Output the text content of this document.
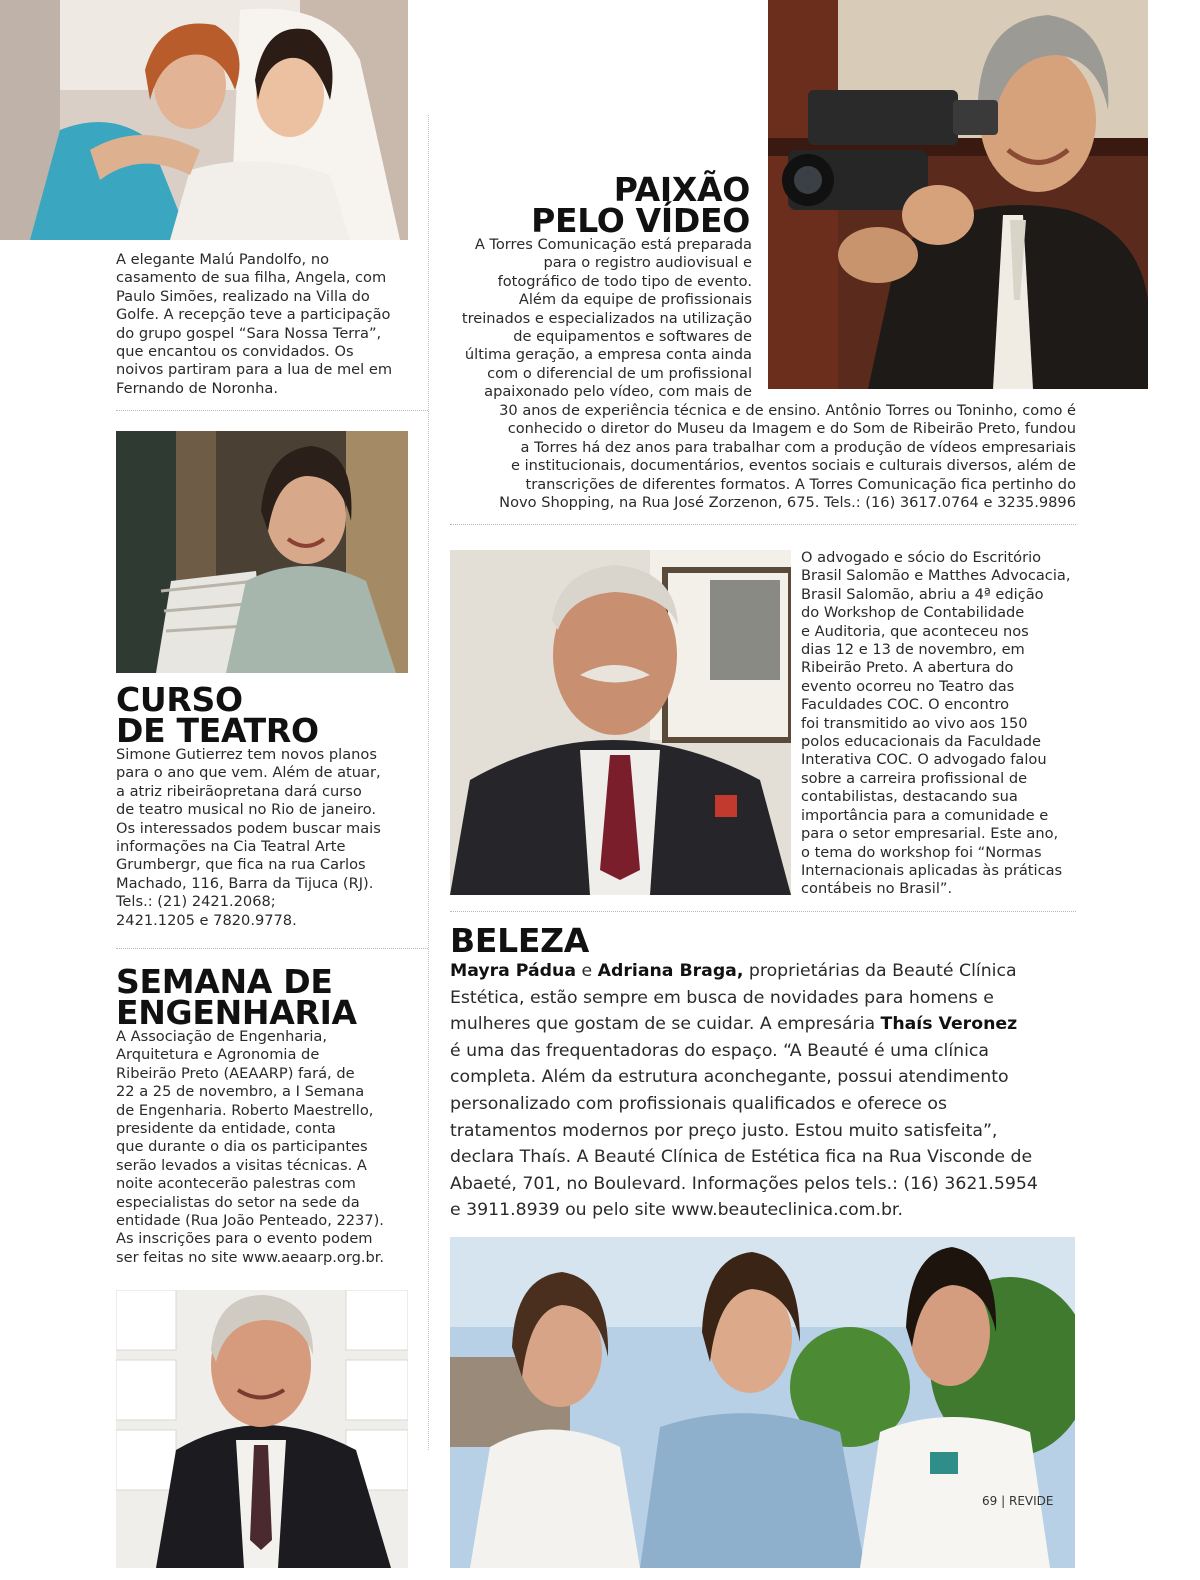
A elegante Malú Pandolfo, no
casamento de sua filha, Angela, com
Paulo Simões, realizado na Villa do
Golfe. A recepção teve a participação
do grupo gospel “Sara Nossa Terra”,
que encantou os convidados. Os
noivos partiram para a lua de mel em
Fernando de Noronha.
PAIXÃO
PELO VÍDEO
A Torres Comunicação está preparada
para o registro audiovisual e
fotográfico de todo tipo de evento.
Além da equipe de profissionais
treinados e especializados na utilização
de equipamentos e softwares de
última geração, a empresa conta ainda
com o diferencial de um profissional
apaixonado pelo vídeo, com mais de
30 anos de experiência técnica e de ensino. Antônio Torres ou Toninho, como é
conhecido o diretor do Museu da Imagem e do Som de Ribeirão Preto, fundou
a Torres há dez anos para trabalhar com a produção de vídeos empresariais
e institucionais, documentários, eventos sociais e culturais diversos, além de
transcrições de diferentes formatos. A Torres Comunicação fica pertinho do
Novo Shopping, na Rua José Zorzenon, 675. Tels.: (16) 3617.0764 e 3235.9896
CURSO
DE TEATRO
Simone Gutierrez tem novos planos
para o ano que vem. Além de atuar,
a atriz ribeirãopretana dará curso
de teatro musical no Rio de janeiro.
Os interessados podem buscar mais
informações na Cia Teatral Arte
Grumbergr, que fica na rua Carlos
Machado, 116, Barra da Tijuca (RJ).
Tels.: (21) 2421.2068;
2421.1205 e 7820.9778.
O advogado e sócio do Escritório
Brasil Salomão e Matthes Advocacia,
Brasil Salomão, abriu a 4ª edição
do Workshop de Contabilidade
e Auditoria, que aconteceu nos
dias 12 e 13 de novembro, em
Ribeirão Preto. A abertura do
evento ocorreu no Teatro das
Faculdades COC. O encontro
foi transmitido ao vivo aos 150
polos educacionais da Faculdade
Interativa COC. O advogado falou
sobre a carreira profissional de
contabilistas, destacando sua
importância para a comunidade e
para o setor empresarial. Este ano,
o tema do workshop foi “Normas
Internacionais aplicadas às práticas
contábeis no Brasil”.
SEMANA DE
ENGENHARIA
A Associação de Engenharia,
Arquitetura e Agronomia de
Ribeirão Preto (AEAARP) fará, de
22 a 25 de novembro, a I Semana
de Engenharia. Roberto Maestrello,
presidente da entidade, conta
que durante o dia os participantes
serão levados a visitas técnicas. A
noite acontecerão palestras com
especialistas do setor na sede da
entidade (Rua João Penteado, 2237).
As inscrições para o evento podem
ser feitas no site www.aeaarp.org.br.
BELEZA
Mayra Pádua e Adriana Braga, proprietárias da Beauté Clínica
Estética, estão sempre em busca de novidades para homens e
mulheres que gostam de se cuidar. A empresária Thaís Veronez
é uma das frequentadoras do espaço. “A Beauté é uma clínica
completa. Além da estrutura aconchegante, possui atendimento
personalizado com profissionais qualificados e oferece os
tratamentos modernos por preço justo. Estou muito satisfeita”,
declara Thaís. A Beauté Clínica de Estética fica na Rua Visconde de
Abaeté, 701, no Boulevard. Informações pelos tels.: (16) 3621.5954
e 3911.8939 ou pelo site www.beauteclinica.com.br.
69 | REVIDE
